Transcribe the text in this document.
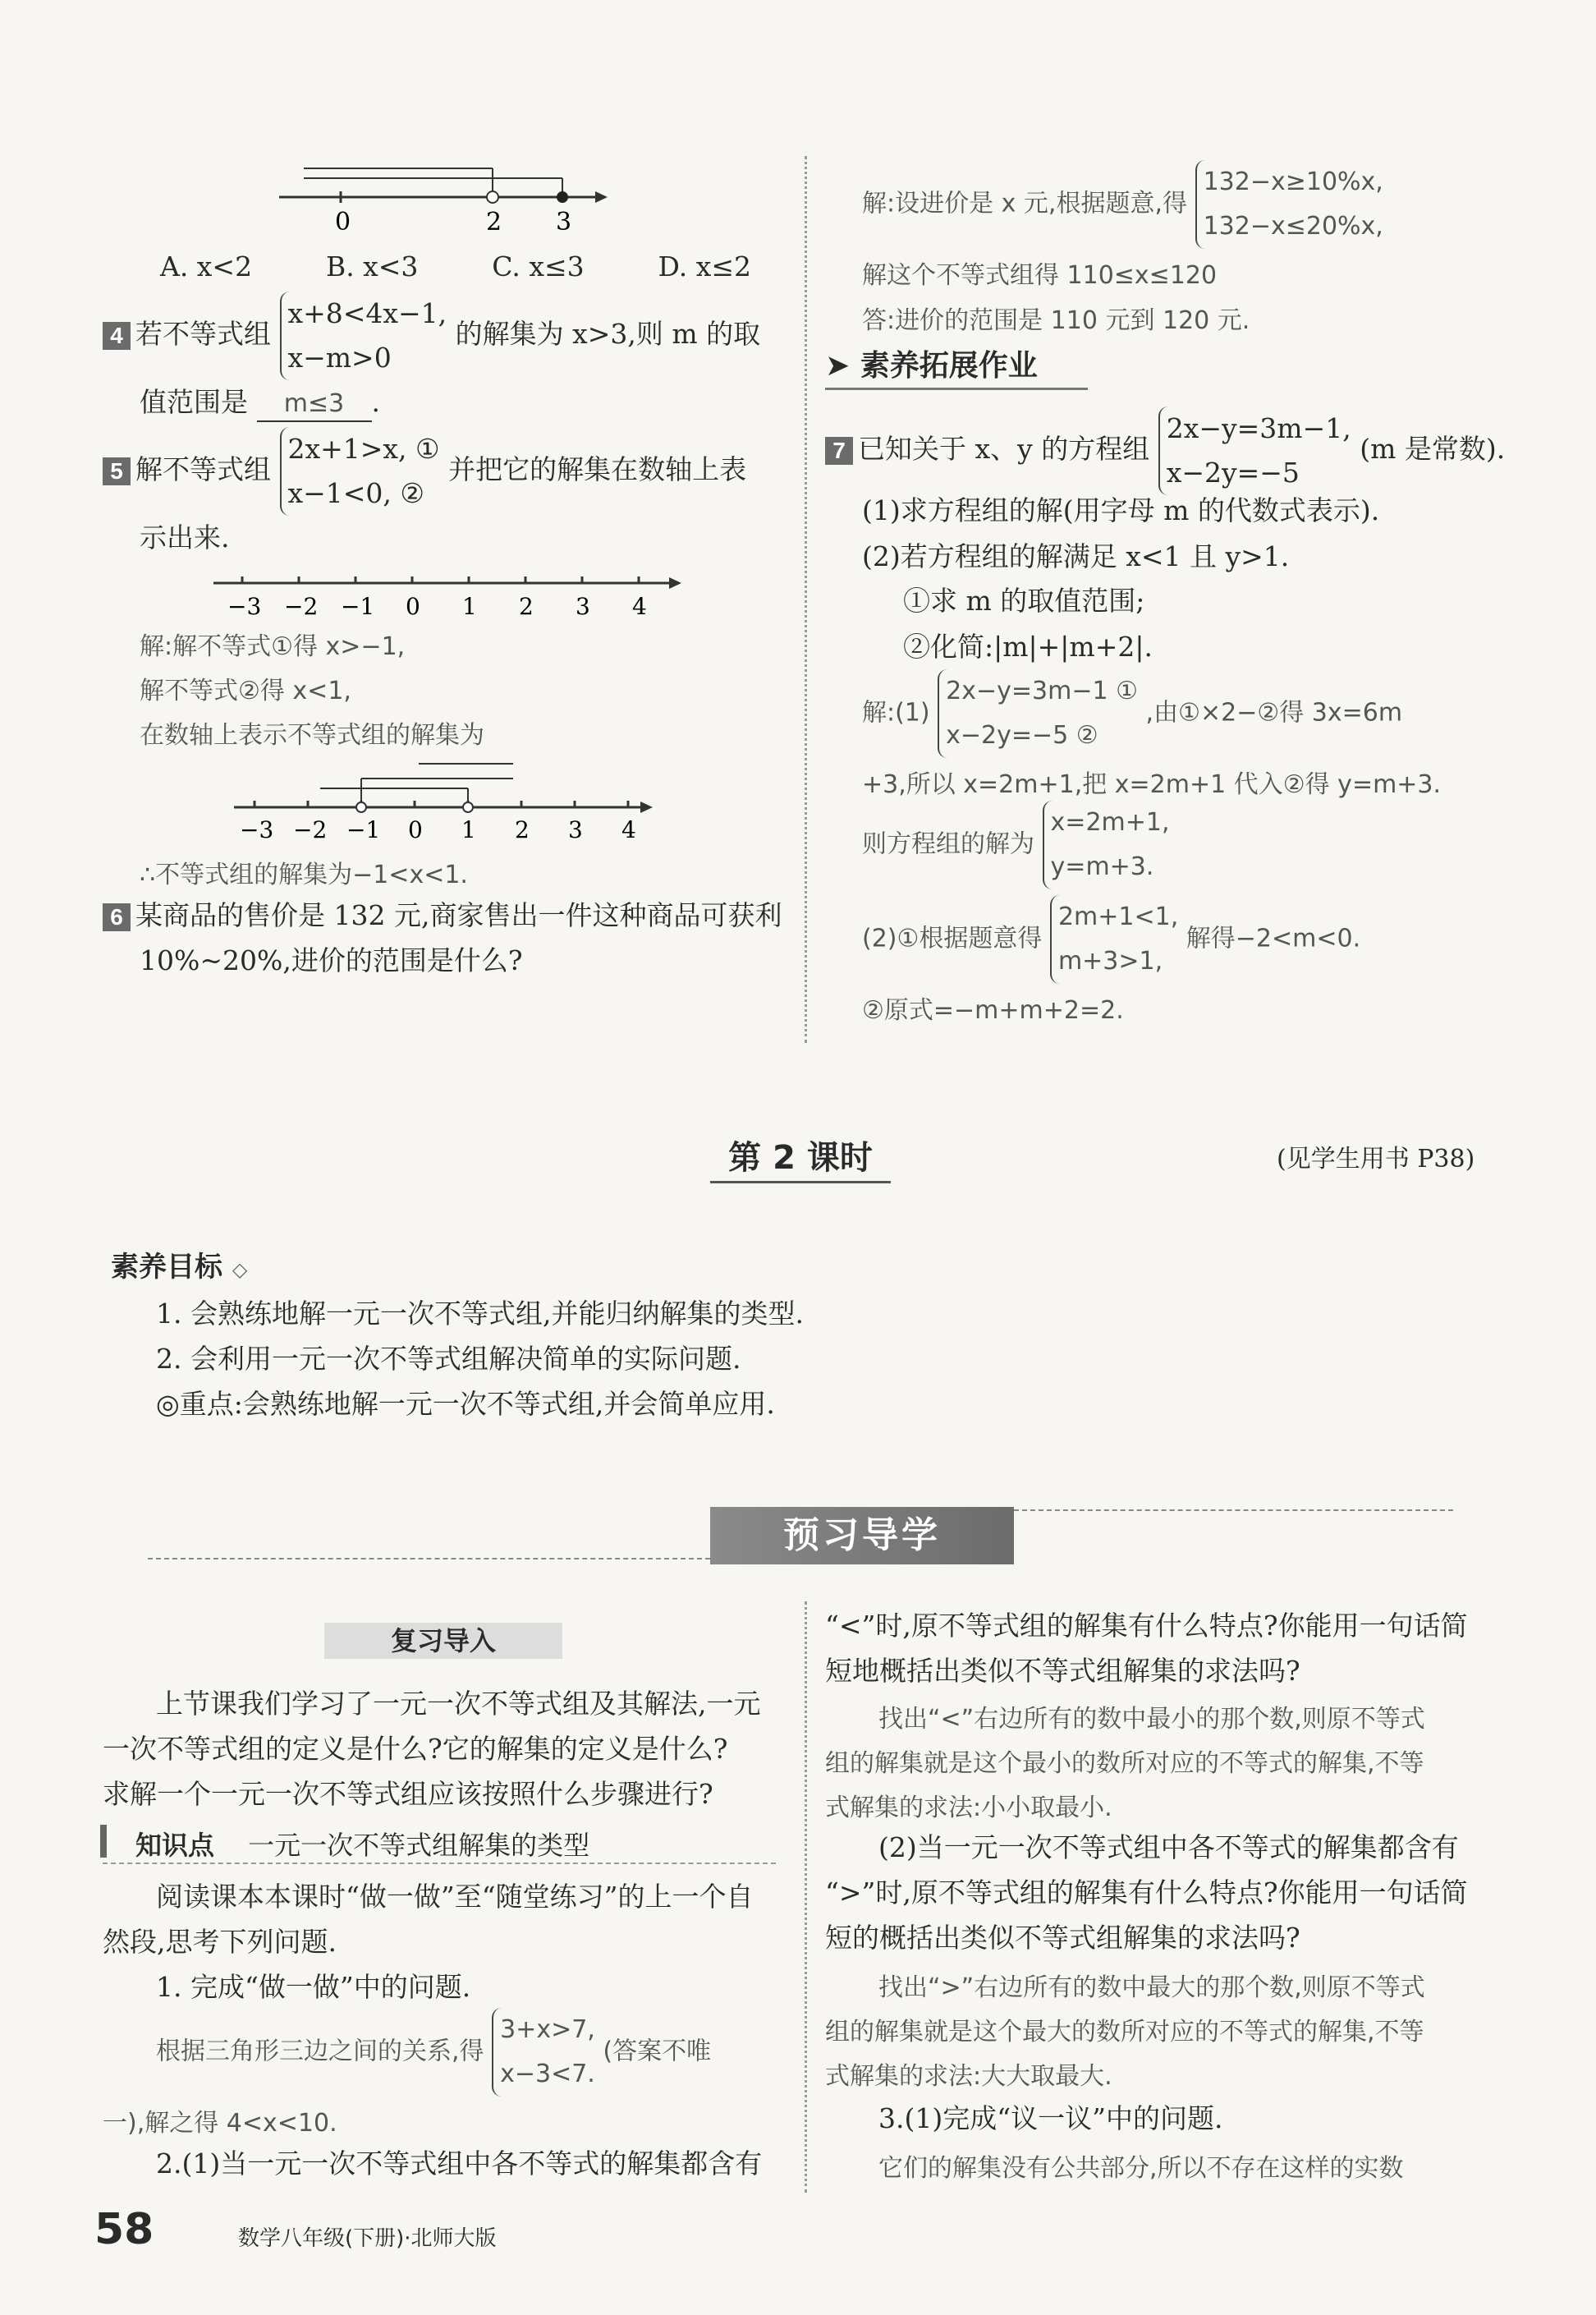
0	2 3
A. x<2	B. x<3	C. x≤3	D. x≤2
4 若不等式组
x+8<4x−1,
x−m>0
的解集为 x>3,则 m 的取
值范围是 m≤3 .
5 解不等式组
2x+1>x, ①
x−1<0, ②
并把它的解集在数轴上表
示出来.
−3 −2 −1 0 1 2 3 4
解:解不等式①得 x>−1,
解不等式②得 x<1,
在数轴上表示不等式组的解集为
−3 −2 −1 0 1 2 3 4
∴不等式组的解集为−1<x<1.
6 某商品的售价是 132 元,商家售出一件这种商品可获利
10%~20%,进价的范围是什么?
解:设进价是 x 元,根据题意,得
132−x≥10%x,
132−x≤20%x,
解这个不等式组得 110≤x≤120
答:进价的范围是 110 元到 120 元.
➤ 素养拓展作业
7 已知关于 x、y 的方程组
2x−y=3m−1,
x−2y=−5
(m 是常数).
(1)求方程组的解(用字母 m 的代数式表示).
(2)若方程组的解满足 x<1 且 y>1.
①求 m 的取值范围;
②化简:|m|+|m+2|.
解:(1)
2x−y=3m−1 ①
x−2y=−5 ②
,由①×2−②得 3x=6m
+3,所以 x=2m+1,把 x=2m+1 代入②得 y=m+3.
则方程组的解为
x=2m+1,
y=m+3.
(2)①根据题意得
2m+1<1,
m+3>1,
解得−2<m<0.
②原式=−m+m+2=2.
第 2 课时	(见学生用书 P38)
素养目标 ◇
1. 会熟练地解一元一次不等式组,并能归纳解集的类型.
2. 会利用一元一次不等式组解决简单的实际问题.
◎重点:会熟练地解一元一次不等式组,并会简单应用.
预习导学
复习导入
上节课我们学习了一元一次不等式组及其解法,一元
一次不等式组的定义是什么?它的解集的定义是什么?
求解一个一元一次不等式组应该按照什么步骤进行?
知识点 一元一次不等式组解集的类型
阅读课本本课时“做一做”至“随堂练习”的上一个自
然段,思考下列问题.
1. 完成“做一做”中的问题.
根据三角形三边之间的关系,得
3+x>7,
x−3<7.
(答案不唯
一),解之得 4<x<10.
2.(1)当一元一次不等式组中各不等式的解集都含有
“<”时,原不等式组的解集有什么特点?你能用一句话简
短地概括出类似不等式组解集的求法吗?
找出“<”右边所有的数中最小的那个数,则原不等式
组的解集就是这个最小的数所对应的不等式的解集,不等
式解集的求法:小小取最小.
(2)当一元一次不等式组中各不等式的解集都含有
“>”时,原不等式组的解集有什么特点?你能用一句话简
短的概括出类似不等式组解集的求法吗?
找出“>”右边所有的数中最大的那个数,则原不等式
组的解集就是这个最大的数所对应的不等式的解集,不等
式解集的求法:大大取最大.
3.(1)完成“议一议”中的问题.
它们的解集没有公共部分,所以不存在这样的实数
58	数学八年级(下册)·北师大版
